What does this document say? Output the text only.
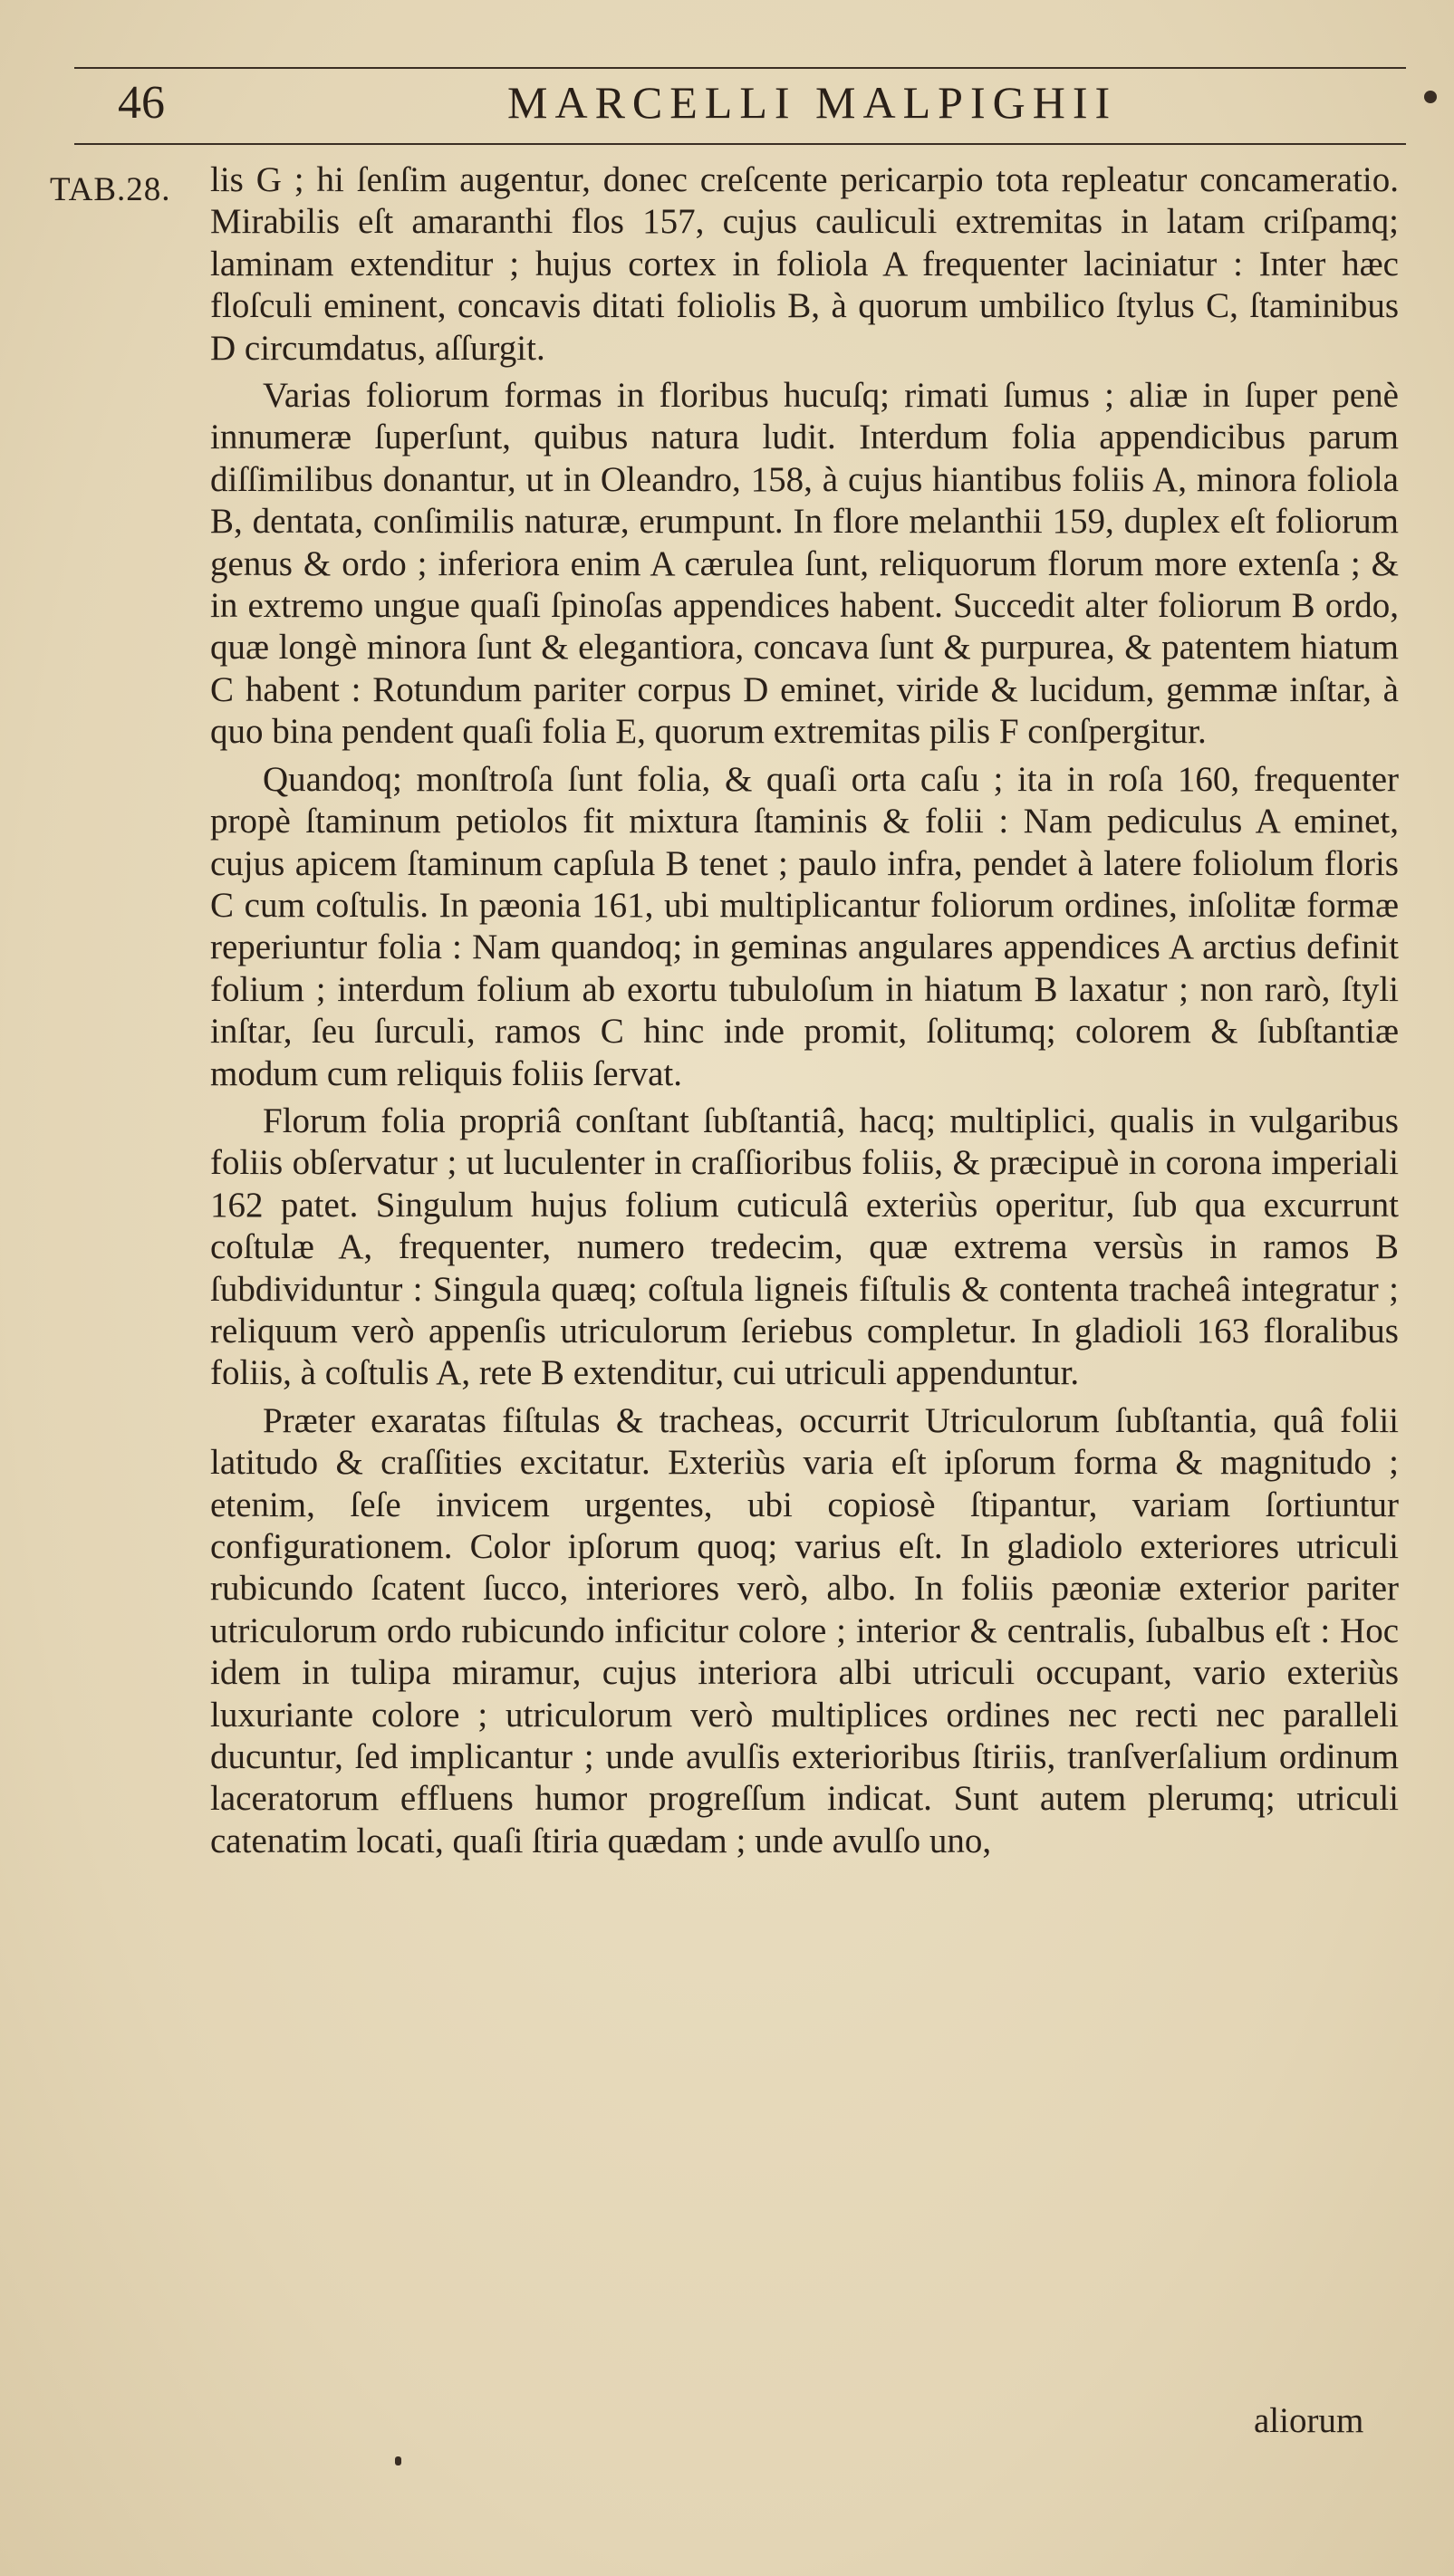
46	MARCELLI MALPIGHII
TAB.28. lis G ; hi ſenſim augentur, donec creſcente pericarpio tota repleatur concameratio. Mirabilis eſt amaranthi flos 157, cujus cauliculi extremitas in latam criſpamq; laminam extenditur ; hujus cortex in foliola A frequenter laciniatur : Inter hæc floſculi eminent, concavis ditati foliolis B, à quorum umbilico ſtylus C, ſtaminibus D circumdatus, aſſurgit.

Varias foliorum formas in floribus hucuſq; rimati ſumus ; aliæ in ſuper penè innumeræ ſuperſunt, quibus natura ludit. Interdum folia appendicibus parum diſſimilibus donantur, ut in Oleandro, 158, à cujus hiantibus foliis A, minora foliola B, dentata, conſimilis naturæ, erumpunt. In flore melanthii 159, duplex eſt foliorum genus & ordo ; inferiora enim A cærulea ſunt, reliquorum florum more extenſa ; & in extremo ungue quaſi ſpinoſas appendices habent. Succedit alter foliorum B ordo, quæ longè minora ſunt & elegantiora, concava ſunt & purpurea, & patentem hiatum C habent : Rotundum pariter corpus D eminet, viride & lucidum, gemmæ inſtar, à quo bina pendent quaſi folia E, quorum extremitas pilis F conſpergitur.

Quandoq; monſtroſa ſunt folia, & quaſi orta caſu ; ita in roſa 160, frequenter propè ſtaminum petiolos fit mixtura ſtaminis & folii : Nam pediculus A eminet, cujus apicem ſtaminum capſula B tenet ; paulo infra, pendet à latere foliolum floris C cum coſtulis. In pæonia 161, ubi multiplicantur foliorum ordines, inſolitæ formæ reperiuntur folia : Nam quandoq; in geminas angulares appendices A arctius definit folium ; interdum folium ab exortu tubuloſum in hiatum B laxatur ; non rarò, ſtyli inſtar, ſeu ſurculi, ramos C hinc inde promit, ſolitumq; colorem & ſubſtantiæ modum cum reliquis foliis ſervat.

Florum folia propriâ conſtant ſubſtantiâ, hacq; multiplici, qualis in vulgaribus foliis obſervatur ; ut luculenter in craſſioribus foliis, & præcipuè in corona imperiali 162 patet. Singulum hujus folium cuticulâ exteriùs operitur, ſub qua excurrunt coſtulæ A, frequenter, numero tredecim, quæ extrema versùs in ramos B ſubdividuntur : Singula quæq; coſtula ligneis fiſtulis & contenta tracheâ integratur ; reliquum verò appenſis utriculorum ſeriebus completur. In gladioli 163 floralibus foliis, à coſtulis A, rete B extenditur, cui utriculi appenduntur.

Præter exaratas fiſtulas & tracheas, occurrit Utriculorum ſubſtantia, quâ folii latitudo & craſſities excitatur. Exteriùs varia eſt ipſorum forma & magnitudo ; etenim, ſeſe invicem urgentes, ubi copiosè ſtipantur, variam ſortiuntur configurationem. Color ipſorum quoq; varius eſt. In gladiolo exteriores utriculi rubicundo ſcatent ſucco, interiores verò, albo. In foliis pæoniæ exterior pariter utriculorum ordo rubicundo inficitur colore ; interior & centralis, ſubalbus eſt : Hoc idem in tulipa miramur, cujus interiora albi utriculi occupant, vario exteriùs luxuriante colore ; utriculorum verò multiplices ordines nec recti nec paralleli ducuntur, ſed implicantur ; unde avulſis exterioribus ſtiriis, tranſverſalium ordinum laceratorum effluens humor progreſſum indicat. Sunt autem plerumq; utriculi catenatim locati, quaſi ſtiria quædam ; unde avulſo uno,

aliorum
